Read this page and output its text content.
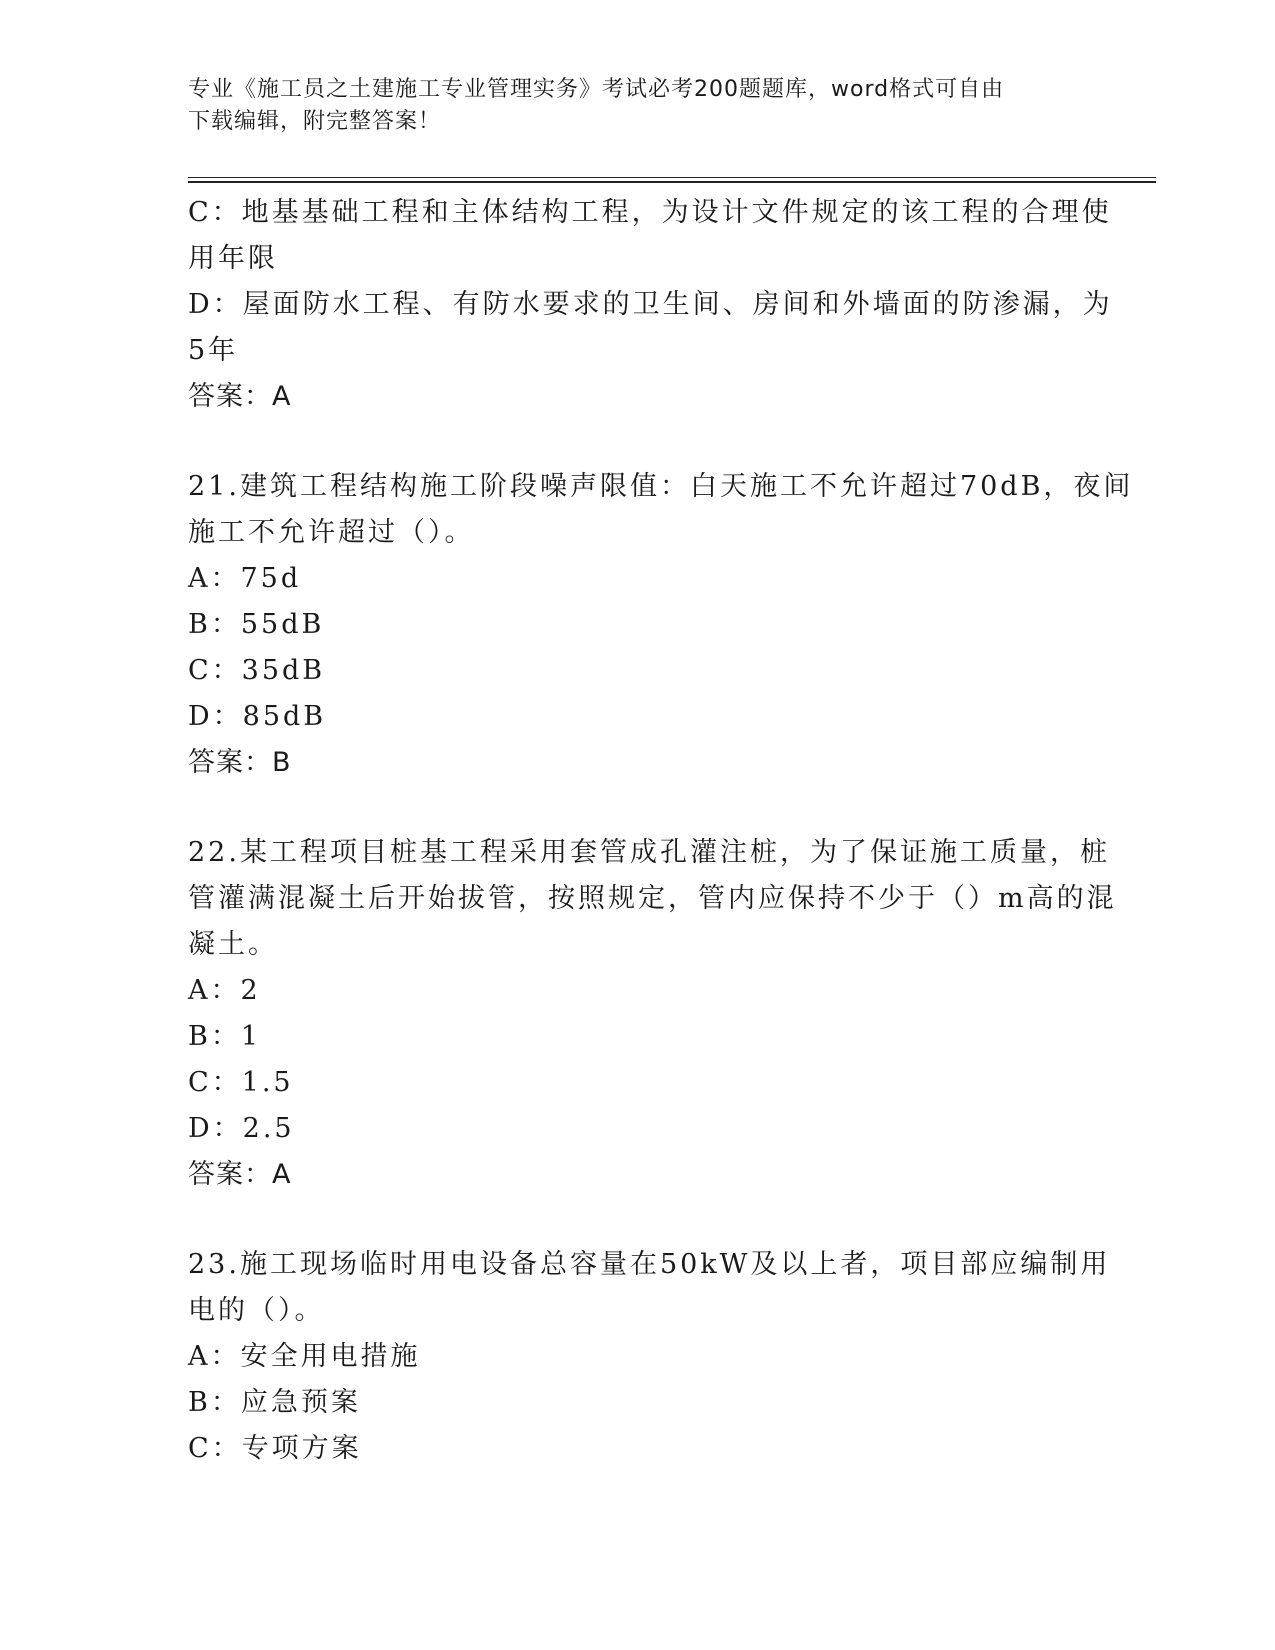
专业《施工员之土建施工专业管理实务》考试必考200题题库，word格式可自由
下载编辑，附完整答案！
C：地基基础工程和主体结构工程，为设计文件规定的该工程的合理使
用年限
D：屋面防水工程、有防水要求的卫生间、房间和外墙面的防渗漏，为
5年
答案：A
21.建筑工程结构施工阶段噪声限值：白天施工不允许超过70dB，夜间
施工不允许超过（）。
A：75d
B：55dB
C：35dB
D：85dB
答案：B
22.某工程项目桩基工程采用套管成孔灌注桩，为了保证施工质量，桩
管灌满混凝土后开始拔管，按照规定，管内应保持不少于（）m高的混
凝土。
A：2
B：1
C：1.5
D：2.5
答案：A
23.施工现场临时用电设备总容量在50kW及以上者，项目部应编制用
电的（）。
A：安全用电措施
B：应急预案
C：专项方案
